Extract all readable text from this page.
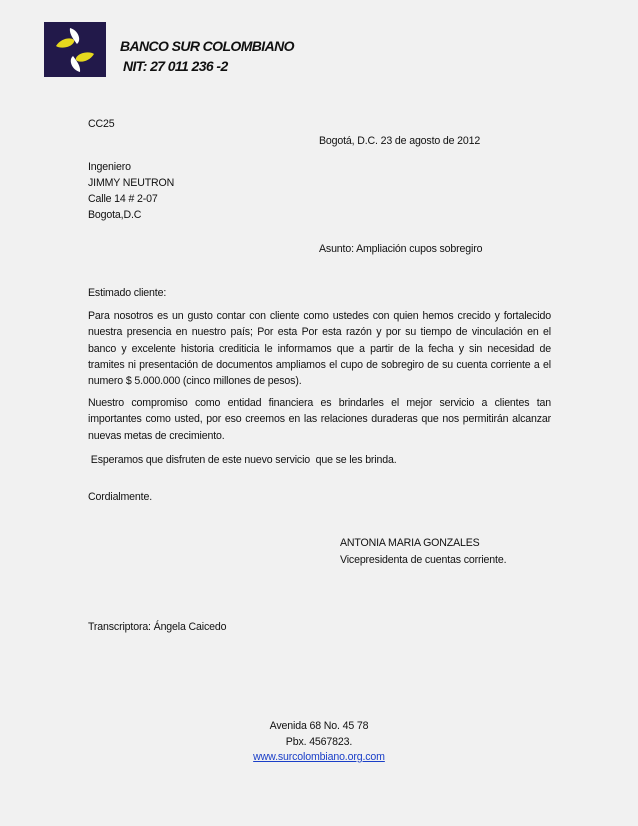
BANCO SUR COLOMBIANO
NIT: 27 011 236 -2
CC25
Bogotá, D.C. 23 de agosto de 2012
Ingeniero
JIMMY NEUTRON
Calle 14 # 2-07
Bogota,D.C
Asunto: Ampliación cupos sobregiro
Estimado cliente:
Para nosotros es un gusto contar con cliente como ustedes con quien hemos crecido y fortalecido nuestra presencia en nuestro país; Por esta Por esta razón y por su tiempo de vinculación en el banco y excelente historia crediticia le informamos que a partir de la fecha y sin necesidad de tramites ni presentación de documentos ampliamos el cupo de sobregiro de su cuenta corriente a el numero $ 5.000.000 (cinco millones de pesos).
Nuestro compromiso como entidad financiera es brindarles el mejor servicio a clientes tan importantes como usted, por eso creemos en las relaciones duraderas que nos permitirán alcanzar nuevas metas de crecimiento.
Esperamos que disfruten de este nuevo servicio  que se les brinda.
Cordialmente.
ANTONIA MARIA GONZALES
Vicepresidenta de cuentas corriente.
Transcriptora: Ángela Caicedo
Avenida 68 No. 45 78
Pbx. 4567823.
www.surcolombiano.org.com
